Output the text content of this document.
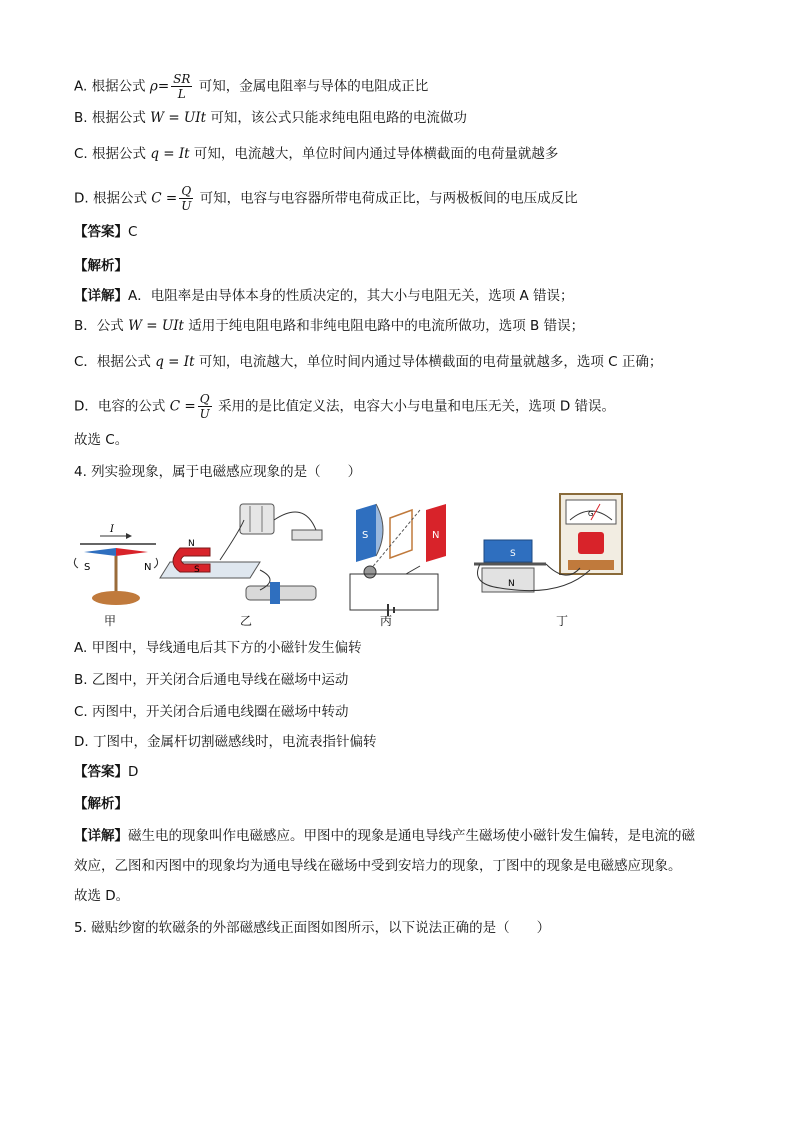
A. 根据公式 $\rho= \frac{SR}{L}$ 可知，金属电阻率与导体的电阻成正比
B. 根据公式 W = UIt 可知，该公式只能求纯电阻电路的电流做功
C. 根据公式 q = It 可知，电流越大，单位时间内通过导体横截面的电荷量就越多
D. 根据公式 $C = \frac{Q}{U}$ 可知，电容与电容器所带电荷成正比，与两极板间的电压成反比
【答案】C
【解析】
【详解】A．电阻率是由导体本身的性质决定的，其大小与电阻无关，选项 A 错误；
B．公式 W = UIt 适用于纯电阻电路和非纯电阻电路中的电流所做功，选项 B 错误；
C．根据公式 q = It 可知，电流越大，单位时间内通过导体横截面的电荷量就越多，选项 C 正确；
D．电容的公式 $C = \frac{Q}{U}$ 采用的是比值定义法，电容大小与电量和电压无关，选项 D 错误。
故选 C。
4. 列实验现象，属于电磁感应现象的是（　　）
I
S	N
N
S
S	N
S
N
G
甲	乙	丙	丁
A. 甲图中，导线通电后其下方的小磁针发生偏转
B. 乙图中，开关闭合后通电导线在磁场中运动
C. 丙图中，开关闭合后通电线圈在磁场中转动
D. 丁图中，金属杆切割磁感线时，电流表指针偏转
【答案】D
【解析】
【详解】磁生电的现象叫作电磁感应。甲图中的现象是通电导线产生磁场使小磁针发生偏转，是电流的磁
效应，乙图和丙图中的现象均为通电导线在磁场中受到安培力的现象，丁图中的现象是电磁感应现象。
故选 D。
5. 磁贴纱窗的软磁条的外部磁感线正面图如图所示，以下说法正确的是（　　）
